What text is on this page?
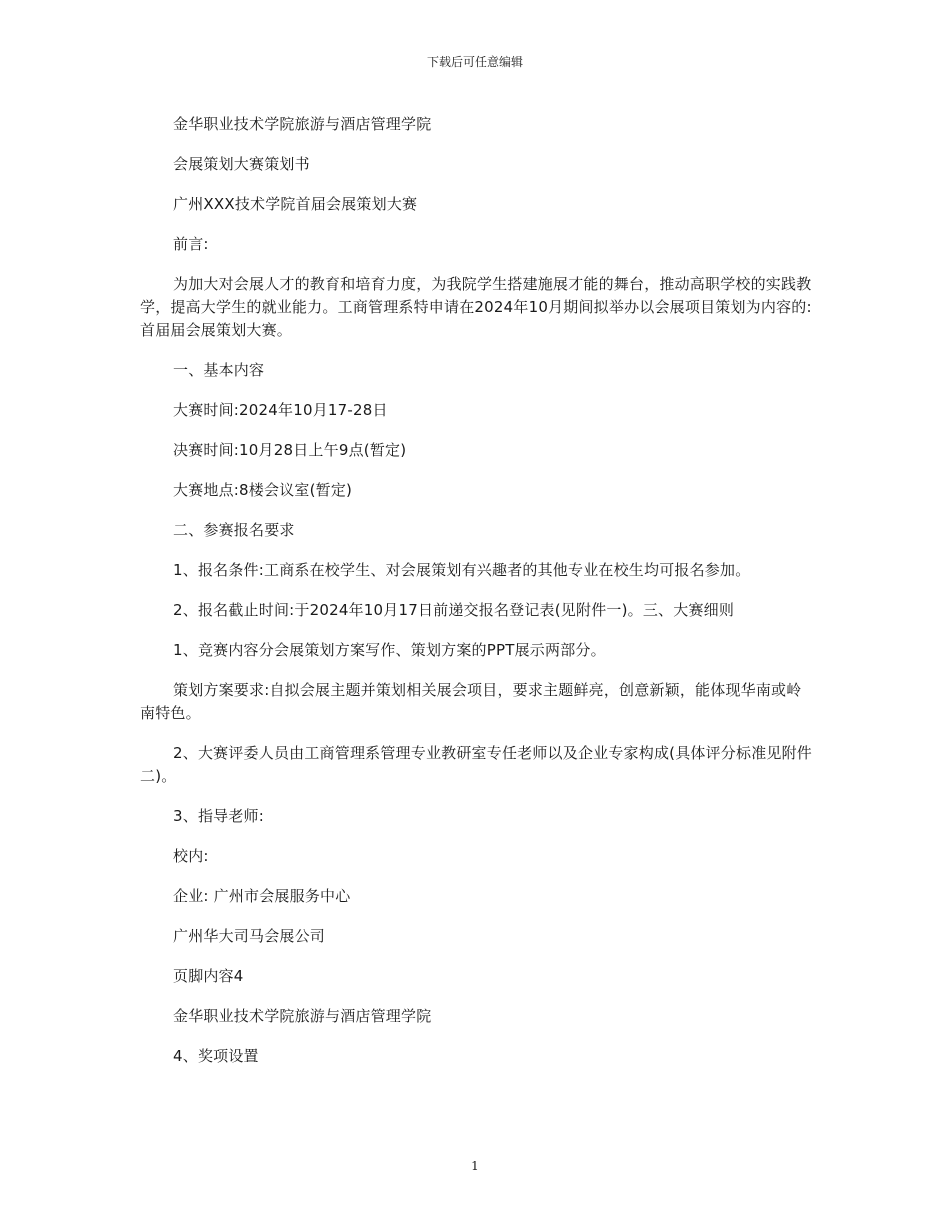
下载后可任意编辑

金华职业技术学院旅游与酒店管理学院

会展策划大赛策划书

广州XXX技术学院首届会展策划大赛

前言:

为加大对会展人才的教育和培育力度，为我院学生搭建施展才能的舞台，推动高职学校的实践教学，提高大学生的就业能力。工商管理系特申请在2024年10月期间拟举办以会展项目策划为内容的:首届届会展策划大赛。

一、基本内容

大赛时间:2024年10月17-28日

决赛时间:10月28日上午9点(暂定)

大赛地点:8楼会议室(暂定)

二、参赛报名要求

1、报名条件:工商系在校学生、对会展策划有兴趣者的其他专业在校生均可报名参加。

2、报名截止时间:于2024年10月17日前递交报名登记表(见附件一)。三、大赛细则

1、竞赛内容分会展策划方案写作、策划方案的PPT展示两部分。

策划方案要求:自拟会展主题并策划相关展会项目，要求主题鲜亮，创意新颖，能体现华南或岭南特色。

2、大赛评委人员由工商管理系管理专业教研室专任老师以及企业专家构成(具体评分标准见附件二)。

3、指导老师:

校内:

企业: 广州市会展服务中心

广州华大司马会展公司

页脚内容4

金华职业技术学院旅游与酒店管理学院

4、奖项设置

1
